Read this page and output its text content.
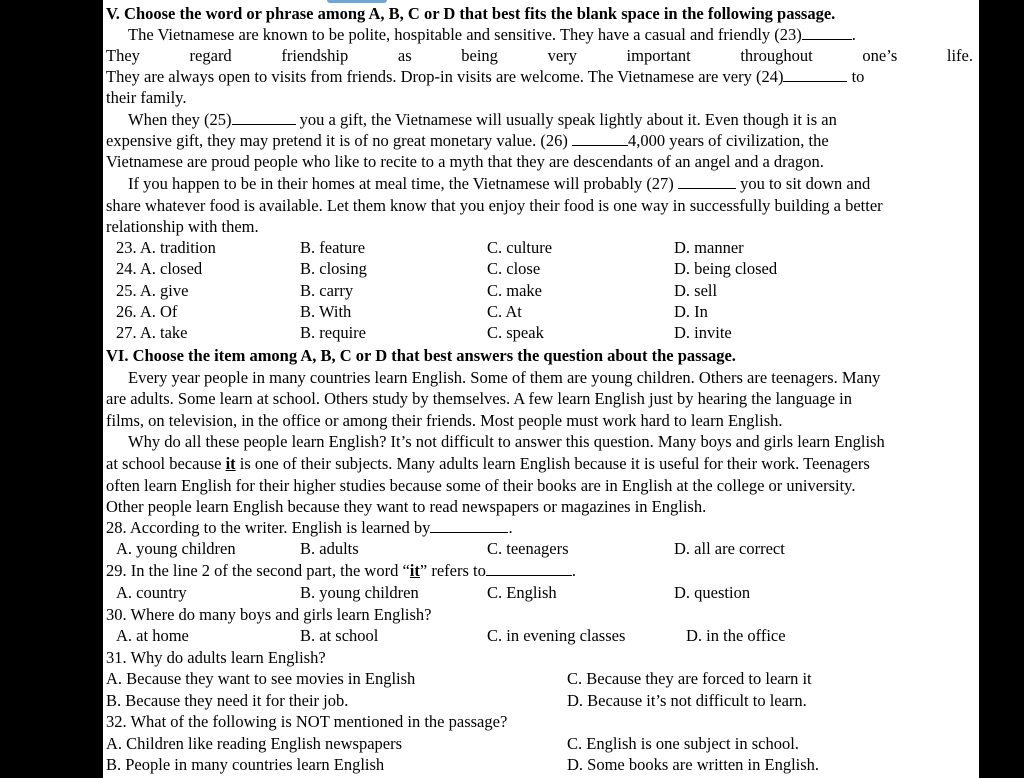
V. Choose the word or phrase among A, B, C or D that best fits the blank space in the following passage.
The Vietnamese are known to be polite, hospitable and sensitive. They have a casual and friendly (23)	.
They regard friendship as being very important throughout one’s life.
They are always open to visits from friends. Drop-in visits are welcome. The Vietnamese are very (24)	to
their family.
When they (25)	you a gift, the Vietnamese will usually speak lightly about it. Even though it is an
expensive gift, they may pretend it is of no great monetary value. (26)	4,000 years of civilization, the
Vietnamese are proud people who like to recite to a myth that they are descendants of an angel and a dragon.
If you happen to be in their homes at meal time, the Vietnamese will probably (27)	you to sit down and
share whatever food is available. Let them know that you enjoy their food is one way in successfully building a better
relationship with them.
23. A. tradition	B. feature	C. culture	D. manner
24. A. closed	B. closing	C. close	D. being closed
25. A. give	B. carry	C. make	D. sell
26. A. Of	B. With	C. At	D. In
27. A. take	B. require	C. speak	D. invite
VI. Choose the item among A, B, C or D that best answers the question about the passage.
Every year people in many countries learn English. Some of them are young children. Others are teenagers. Many
are adults. Some learn at school. Others study by themselves. A few learn English just by hearing the language in
films, on television, in the office or among their friends. Most people must work hard to learn English.
Why do all these people learn English? It’s not difficult to answer this question. Many boys and girls learn English
at school because it is one of their subjects. Many adults learn English because it is useful for their work. Teenagers
often learn English for their higher studies because some of their books are in English at the college or university.
Other people learn English because they want to read newspapers or magazines in English.
28. According to the writer. English is learned by	.
A. young children	B. adults	C. teenagers	D. all are correct
29. In the line 2 of the second part, the word “it” refers to	.
A. country	B. young children	C. English	D. question
30. Where do many boys and girls learn English?
A. at home	B. at school	C. in evening classes	D. in the office
31. Why do adults learn English?
A. Because they want to see movies in English	C. Because they are forced to learn it
B. Because they need it for their job.	D. Because it’s not difficult to learn.
32. What of the following is NOT mentioned in the passage?
A. Children like reading English newspapers	C. English is one subject in school.
B. People in many countries learn English	D. Some books are written in English.
